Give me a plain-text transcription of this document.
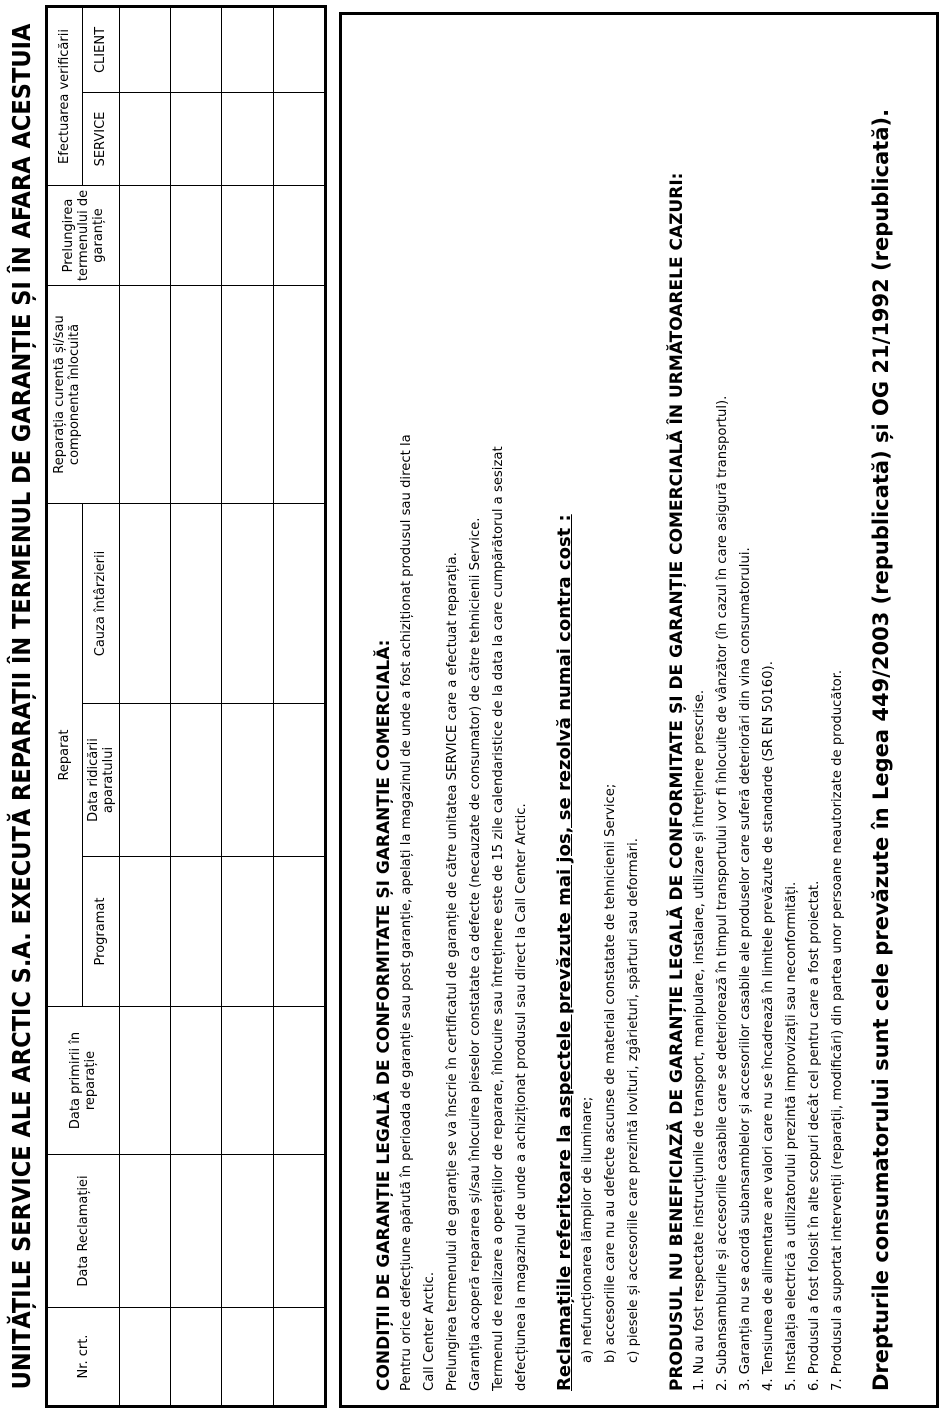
UNITĂȚILE SERVICE ALE ARCTIC S.A. EXECUTĂ REPARAȚII ÎN TERMENUL DE GARANȚIE ȘI ÎN AFARA ACESTUIA	Nr. crt.	Data Reclamației	Data primirii în reparație	Reparat			Reparația curentă și/sau componenta înlocuită	Prelungirea termenului de garanție	Efectuarea verificării	
			Programat	Data ridicării aparatului	Cauza întârzierii			SERVICE	CLIENT

CONDIȚII DE GARANȚIE LEGALĂ DE CONFORMITATE ȘI GARANȚIE COMERCIALĂ: Pentru orice defecțiune apărută în perioada de garanție sau post garanție, apelați la magazinul de unde a fost achiziționat produsul sau direct la Call Center Arctic. Prelungirea termenului de garanție se va înscrie în certificatul de garanție de către unitatea SERVICE care a efectuat reparația. Garanția acoperă repararea și/sau înlocuirea pieselor constatate ca defecte (necauzate de consumator) de către tehnicienii Service. Termenul de realizare a operațiilor de reparare, înlocuire sau întreținere este de 15 zile calendaristice de la data la care cumpărătorul a sesizat defecțiunea la magazinul de unde a achiziționat produsul sau direct la Call Center Arctic. Reclamațiile referitoare la aspectele prevăzute mai jos, se rezolvă numai contra cost : a) nefuncționarea lămpilor de iluminare; b) accesoriile care nu au defecte ascunse de material constatate de tehnicienii Service; c) piesele și accesoriile care prezintă lovituri, zgârieturi, spărturi sau deformări. PRODUSUL NU BENEFICIAZĂ DE GARANȚIE LEGALĂ DE CONFORMITATE ȘI DE GARANȚIE COMERCIALĂ ÎN URMĂTOARELE CAZURI: 1. Nu au fost respectate instrucțiunile de transport, manipulare, instalare, utilizare și întreținere prescrise. 2. Subansamblurile și accesoriile casabile care se deteriorează în timpul transportului vor fi înlocuite de vânzător (în cazul în care asigură transportul). 3. Garanția nu se acordă subansamblelor și accesoriilor casabile ale produselor care suferă deteriorări din vina consumatorului. 4. Tensiunea de alimentare are valori care nu se încadrează în limitele prevăzute de standarde (SR EN 50160). 5. Instalația electrică a utilizatorului prezintă improvizații sau neconformități. 6. Produsul a fost folosit în alte scopuri decât cel pentru care a fost proiectat. 7. Produsul a suportat intervenții (reparații, modificări) din partea unor persoane neautorizate de producător. Drepturile consumatorului sunt cele prevăzute în Legea 449/2003 (republicată) și OG 21/1992 (republicată).
